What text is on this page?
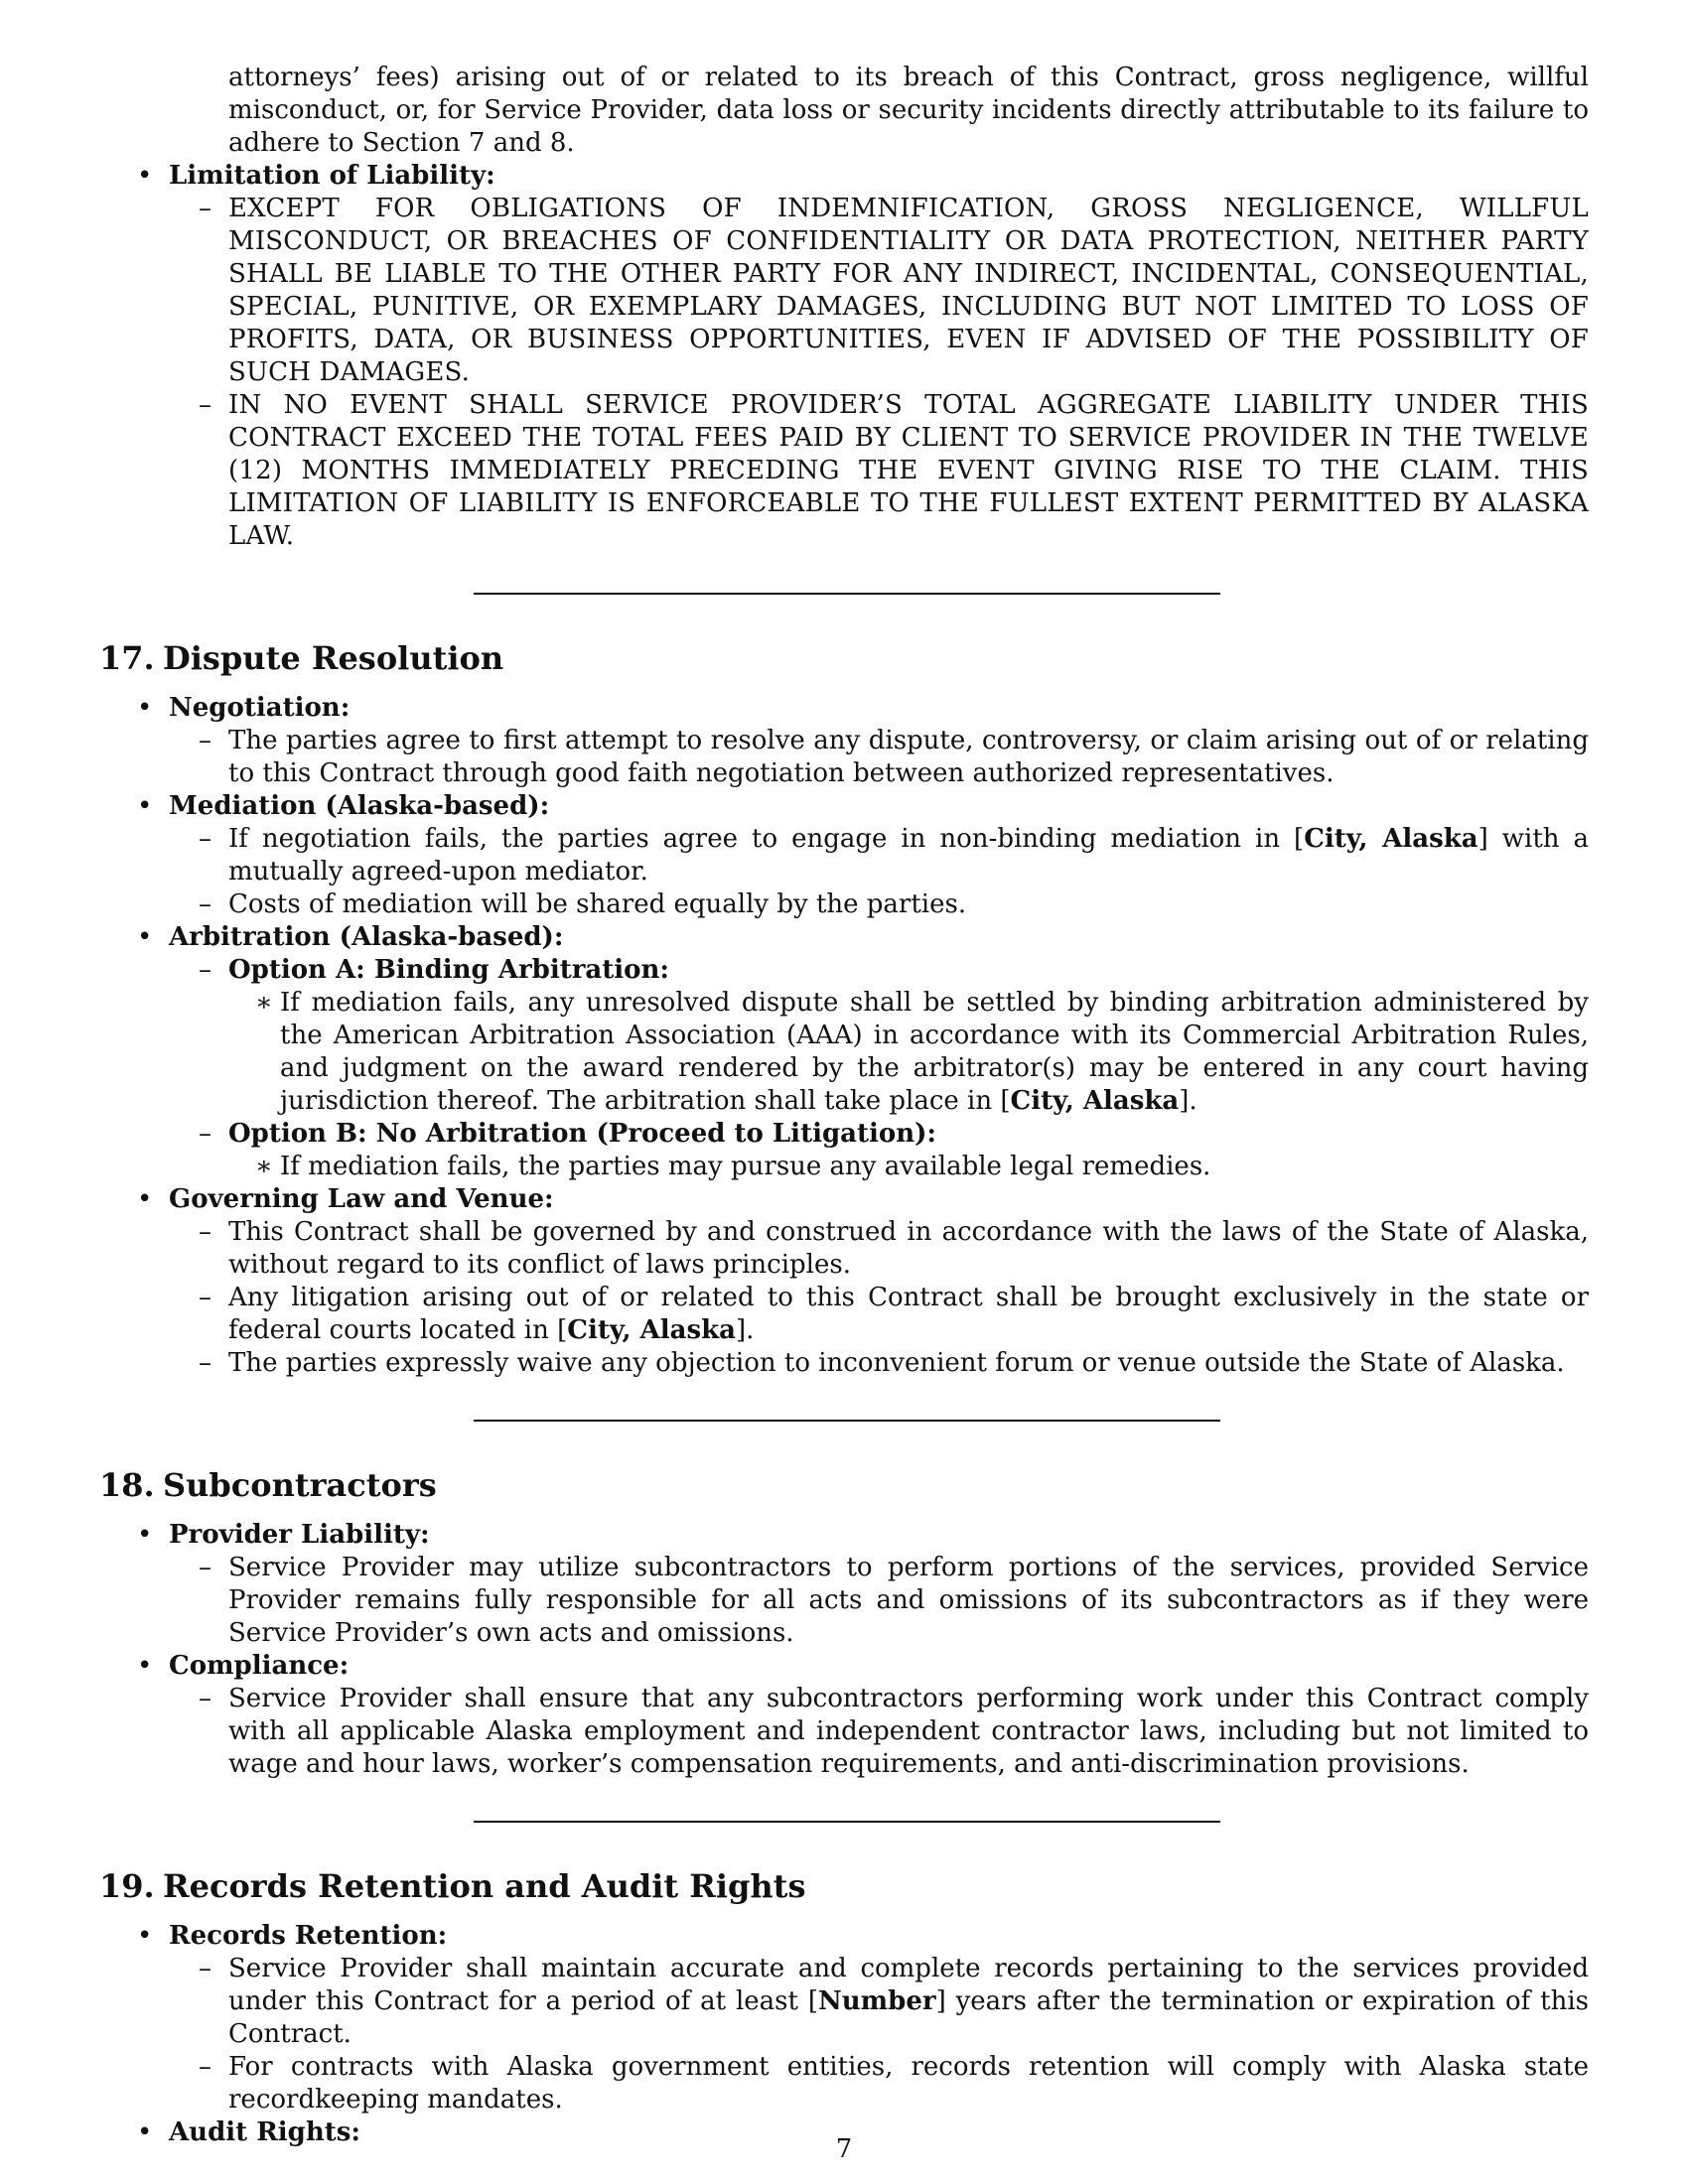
attorneys’ fees) arising out of or related to its breach of this Contract, gross negligence, willful misconduct, or, for Service Provider, data loss or security incidents directly attributable to its failure to adhere to Section 7 and 8.

• Limitation of Liability:
– EXCEPT FOR OBLIGATIONS OF INDEMNIFICATION, GROSS NEGLIGENCE, WILLFUL MISCONDUCT, OR BREACHES OF CONFIDENTIALITY OR DATA PROTECTION, NEITHER PARTY SHALL BE LIABLE TO THE OTHER PARTY FOR ANY INDIRECT, INCIDENTAL, CONSEQUENTIAL, SPECIAL, PUNITIVE, OR EXEMPLARY DAMAGES, INCLUDING BUT NOT LIMITED TO LOSS OF PROFITS, DATA, OR BUSINESS OPPORTUNITIES, EVEN IF ADVISED OF THE POSSIBILITY OF SUCH DAMAGES.
– IN NO EVENT SHALL SERVICE PROVIDER’S TOTAL AGGREGATE LIABILITY UNDER THIS CONTRACT EXCEED THE TOTAL FEES PAID BY CLIENT TO SERVICE PROVIDER IN THE TWELVE (12) MONTHS IMMEDIATELY PRECEDING THE EVENT GIVING RISE TO THE CLAIM. THIS LIMITATION OF LIABILITY IS ENFORCEABLE TO THE FULLEST EXTENT PERMITTED BY ALASKA LAW.
17. Dispute Resolution
• Negotiation:
– The parties agree to first attempt to resolve any dispute, controversy, or claim arising out of or relating to this Contract through good faith negotiation between authorized representatives.
• Mediation (Alaska-based):
– If negotiation fails, the parties agree to engage in non-binding mediation in [City, Alaska] with a mutually agreed-upon mediator.
– Costs of mediation will be shared equally by the parties.
• Arbitration (Alaska-based):
– Option A: Binding Arbitration:
∗ If mediation fails, any unresolved dispute shall be settled by binding arbitration administered by the American Arbitration Association (AAA) in accordance with its Commercial Arbitration Rules, and judgment on the award rendered by the arbitrator(s) may be entered in any court having jurisdiction thereof. The arbitration shall take place in [City, Alaska].
– Option B: No Arbitration (Proceed to Litigation):
∗ If mediation fails, the parties may pursue any available legal remedies.
• Governing Law and Venue:
– This Contract shall be governed by and construed in accordance with the laws of the State of Alaska, without regard to its conflict of laws principles.
– Any litigation arising out of or related to this Contract shall be brought exclusively in the state or federal courts located in [City, Alaska].
– The parties expressly waive any objection to inconvenient forum or venue outside the State of Alaska.
18. Subcontractors
• Provider Liability:
– Service Provider may utilize subcontractors to perform portions of the services, provided Service Provider remains fully responsible for all acts and omissions of its subcontractors as if they were Service Provider’s own acts and omissions.
• Compliance:
– Service Provider shall ensure that any subcontractors performing work under this Contract comply with all applicable Alaska employment and independent contractor laws, including but not limited to wage and hour laws, worker’s compensation requirements, and anti-discrimination provisions.
19. Records Retention and Audit Rights
• Records Retention:
– Service Provider shall maintain accurate and complete records pertaining to the services provided under this Contract for a period of at least [Number] years after the termination or expiration of this Contract.
– For contracts with Alaska government entities, records retention will comply with Alaska state recordkeeping mandates.
• Audit Rights:
7
